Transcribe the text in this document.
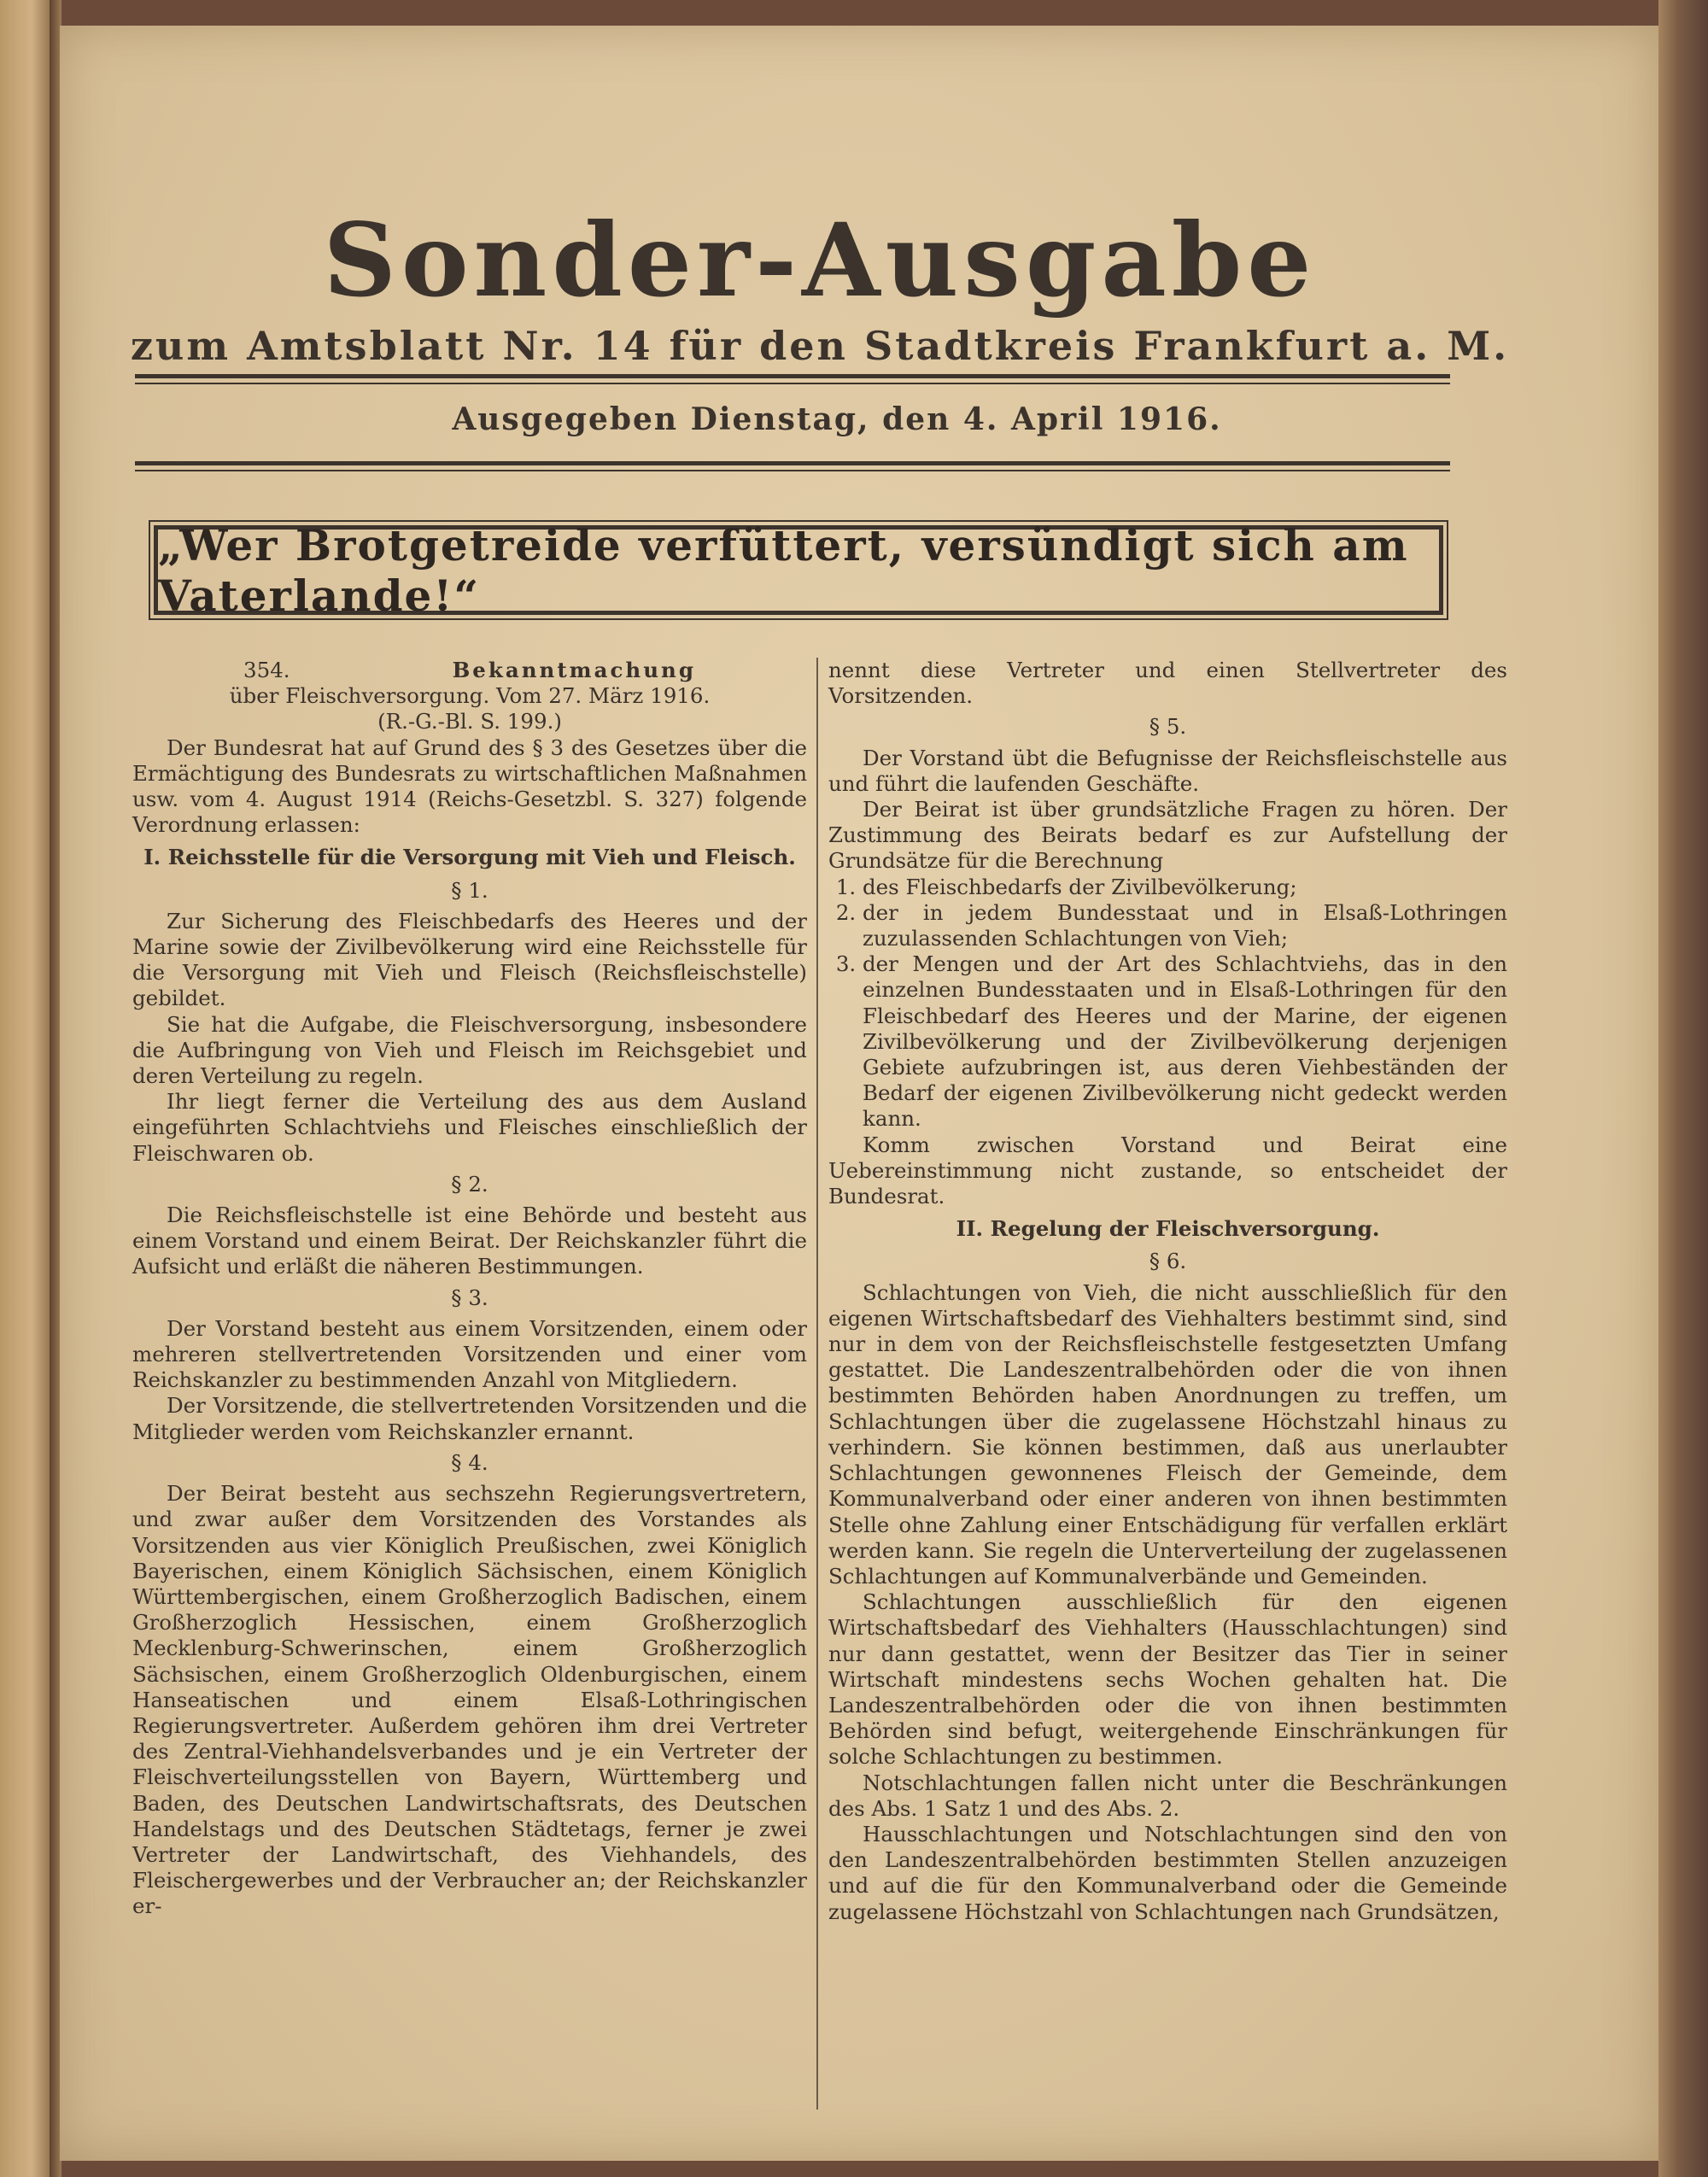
Sonder-Ausgabe
zum Amtsblatt Nr. 14 für den Stadtkreis Frankfurt a. M.
Ausgegeben Dienstag, den 4. April 1916.
„Wer Brotgetreide verfüttert, versündigt sich am Vaterlande!“

354.	Bekanntmachung

über Fleischversorgung. Vom 27. März 1916.

(R.-G.-Bl. S. 199.)

Der Bundesrat hat auf Grund des § 3 des Gesetzes über die Ermächtigung des Bundesrats zu wirtschaftlichen Maßnahmen usw. vom 4. August 1914 (Reichs-Gesetzbl. S. 327) folgende Verordnung erlassen:

I. Reichsstelle für die Versorgung mit Vieh und Fleisch.

§ 1.

Zur Sicherung des Fleischbedarfs des Heeres und der Marine sowie der Zivilbevölkerung wird eine Reichsstelle für die Versorgung mit Vieh und Fleisch (Reichsfleischstelle) gebildet.

Sie hat die Aufgabe, die Fleischversorgung, insbesondere die Aufbringung von Vieh und Fleisch im Reichsgebiet und deren Verteilung zu regeln.

Ihr liegt ferner die Verteilung des aus dem Ausland eingeführten Schlachtviehs und Fleisches einschließlich der Fleischwaren ob.

§ 2.

Die Reichsfleischstelle ist eine Behörde und besteht aus einem Vorstand und einem Beirat. Der Reichskanzler führt die Aufsicht und erläßt die näheren Bestimmungen.

§ 3.

Der Vorstand besteht aus einem Vorsitzenden, einem oder mehreren stellvertretenden Vorsitzenden und einer vom Reichskanzler zu bestimmenden Anzahl von Mitgliedern.

Der Vorsitzende, die stellvertretenden Vorsitzenden und die Mitglieder werden vom Reichskanzler ernannt.

§ 4.

Der Beirat besteht aus sechszehn Regierungsvertretern, und zwar außer dem Vorsitzenden des Vorstandes als Vorsitzenden aus vier Königlich Preußischen, zwei Königlich Bayerischen, einem Königlich Sächsischen, einem Königlich Württembergischen, einem Großherzoglich Badischen, einem Großherzoglich Hessischen, einem Großherzoglich Mecklenburg-Schwerinschen, einem Großherzoglich Sächsischen, einem Großherzoglich Oldenburgischen, einem Hanseatischen und einem Elsaß-Lothringischen Regierungsvertreter. Außerdem gehören ihm drei Vertreter des Zentral-Viehhandelsverbandes und je ein Vertreter der Fleischverteilungsstellen von Bayern, Württemberg und Baden, des Deutschen Landwirtschaftsrats, des Deutschen Handelstags und des Deutschen Städtetags, ferner je zwei Vertreter der Landwirtschaft, des Viehhandels, des Fleischergewerbes und der Verbraucher an; der Reichskanzler er-

nennt diese Vertreter und einen Stellvertreter des Vorsitzenden.

§ 5.

Der Vorstand übt die Befugnisse der Reichsfleischstelle aus und führt die laufenden Geschäfte.

Der Beirat ist über grundsätzliche Fragen zu hören. Der Zustimmung des Beirats bedarf es zur Aufstellung der Grundsätze für die Berechnung

1. des Fleischbedarfs der Zivilbevölkerung;
2. der in jedem Bundesstaat und in Elsaß-Lothringen zuzulassenden Schlachtungen von Vieh;
3. der Mengen und der Art des Schlachtviehs, das in den einzelnen Bundesstaaten und in Elsaß-Lothringen für den Fleischbedarf des Heeres und der Marine, der eigenen Zivilbevölkerung und der Zivilbevölkerung derjenigen Gebiete aufzubringen ist, aus deren Viehbeständen der Bedarf der eigenen Zivilbevölkerung nicht gedeckt werden kann.

Komm zwischen Vorstand und Beirat eine Uebereinstimmung nicht zustande, so entscheidet der Bundesrat.

II. Regelung der Fleischversorgung.

§ 6.

Schlachtungen von Vieh, die nicht ausschließlich für den eigenen Wirtschaftsbedarf des Viehhalters bestimmt sind, sind nur in dem von der Reichsfleischstelle festgesetzten Umfang gestattet. Die Landeszentralbehörden oder die von ihnen bestimmten Behörden haben Anordnungen zu treffen, um Schlachtungen über die zugelassene Höchstzahl hinaus zu verhindern. Sie können bestimmen, daß aus unerlaubter Schlachtungen gewonnenes Fleisch der Gemeinde, dem Kommunalverband oder einer anderen von ihnen bestimmten Stelle ohne Zahlung einer Entschädigung für verfallen erklärt werden kann. Sie regeln die Unterverteilung der zugelassenen Schlachtungen auf Kommunalverbände und Gemeinden.

Schlachtungen ausschließlich für den eigenen Wirtschaftsbedarf des Viehhalters (Hausschlachtungen) sind nur dann gestattet, wenn der Besitzer das Tier in seiner Wirtschaft mindestens sechs Wochen gehalten hat. Die Landeszentralbehörden oder die von ihnen bestimmten Behörden sind befugt, weitergehende Einschränkungen für solche Schlachtungen zu bestimmen.

Notschlachtungen fallen nicht unter die Beschränkungen des Abs. 1 Satz 1 und des Abs. 2.

Hausschlachtungen und Notschlachtungen sind den von den Landeszentralbehörden bestimmten Stellen anzuzeigen und auf die für den Kommunalverband oder die Gemeinde zugelassene Höchstzahl von Schlachtungen nach Grundsätzen,
